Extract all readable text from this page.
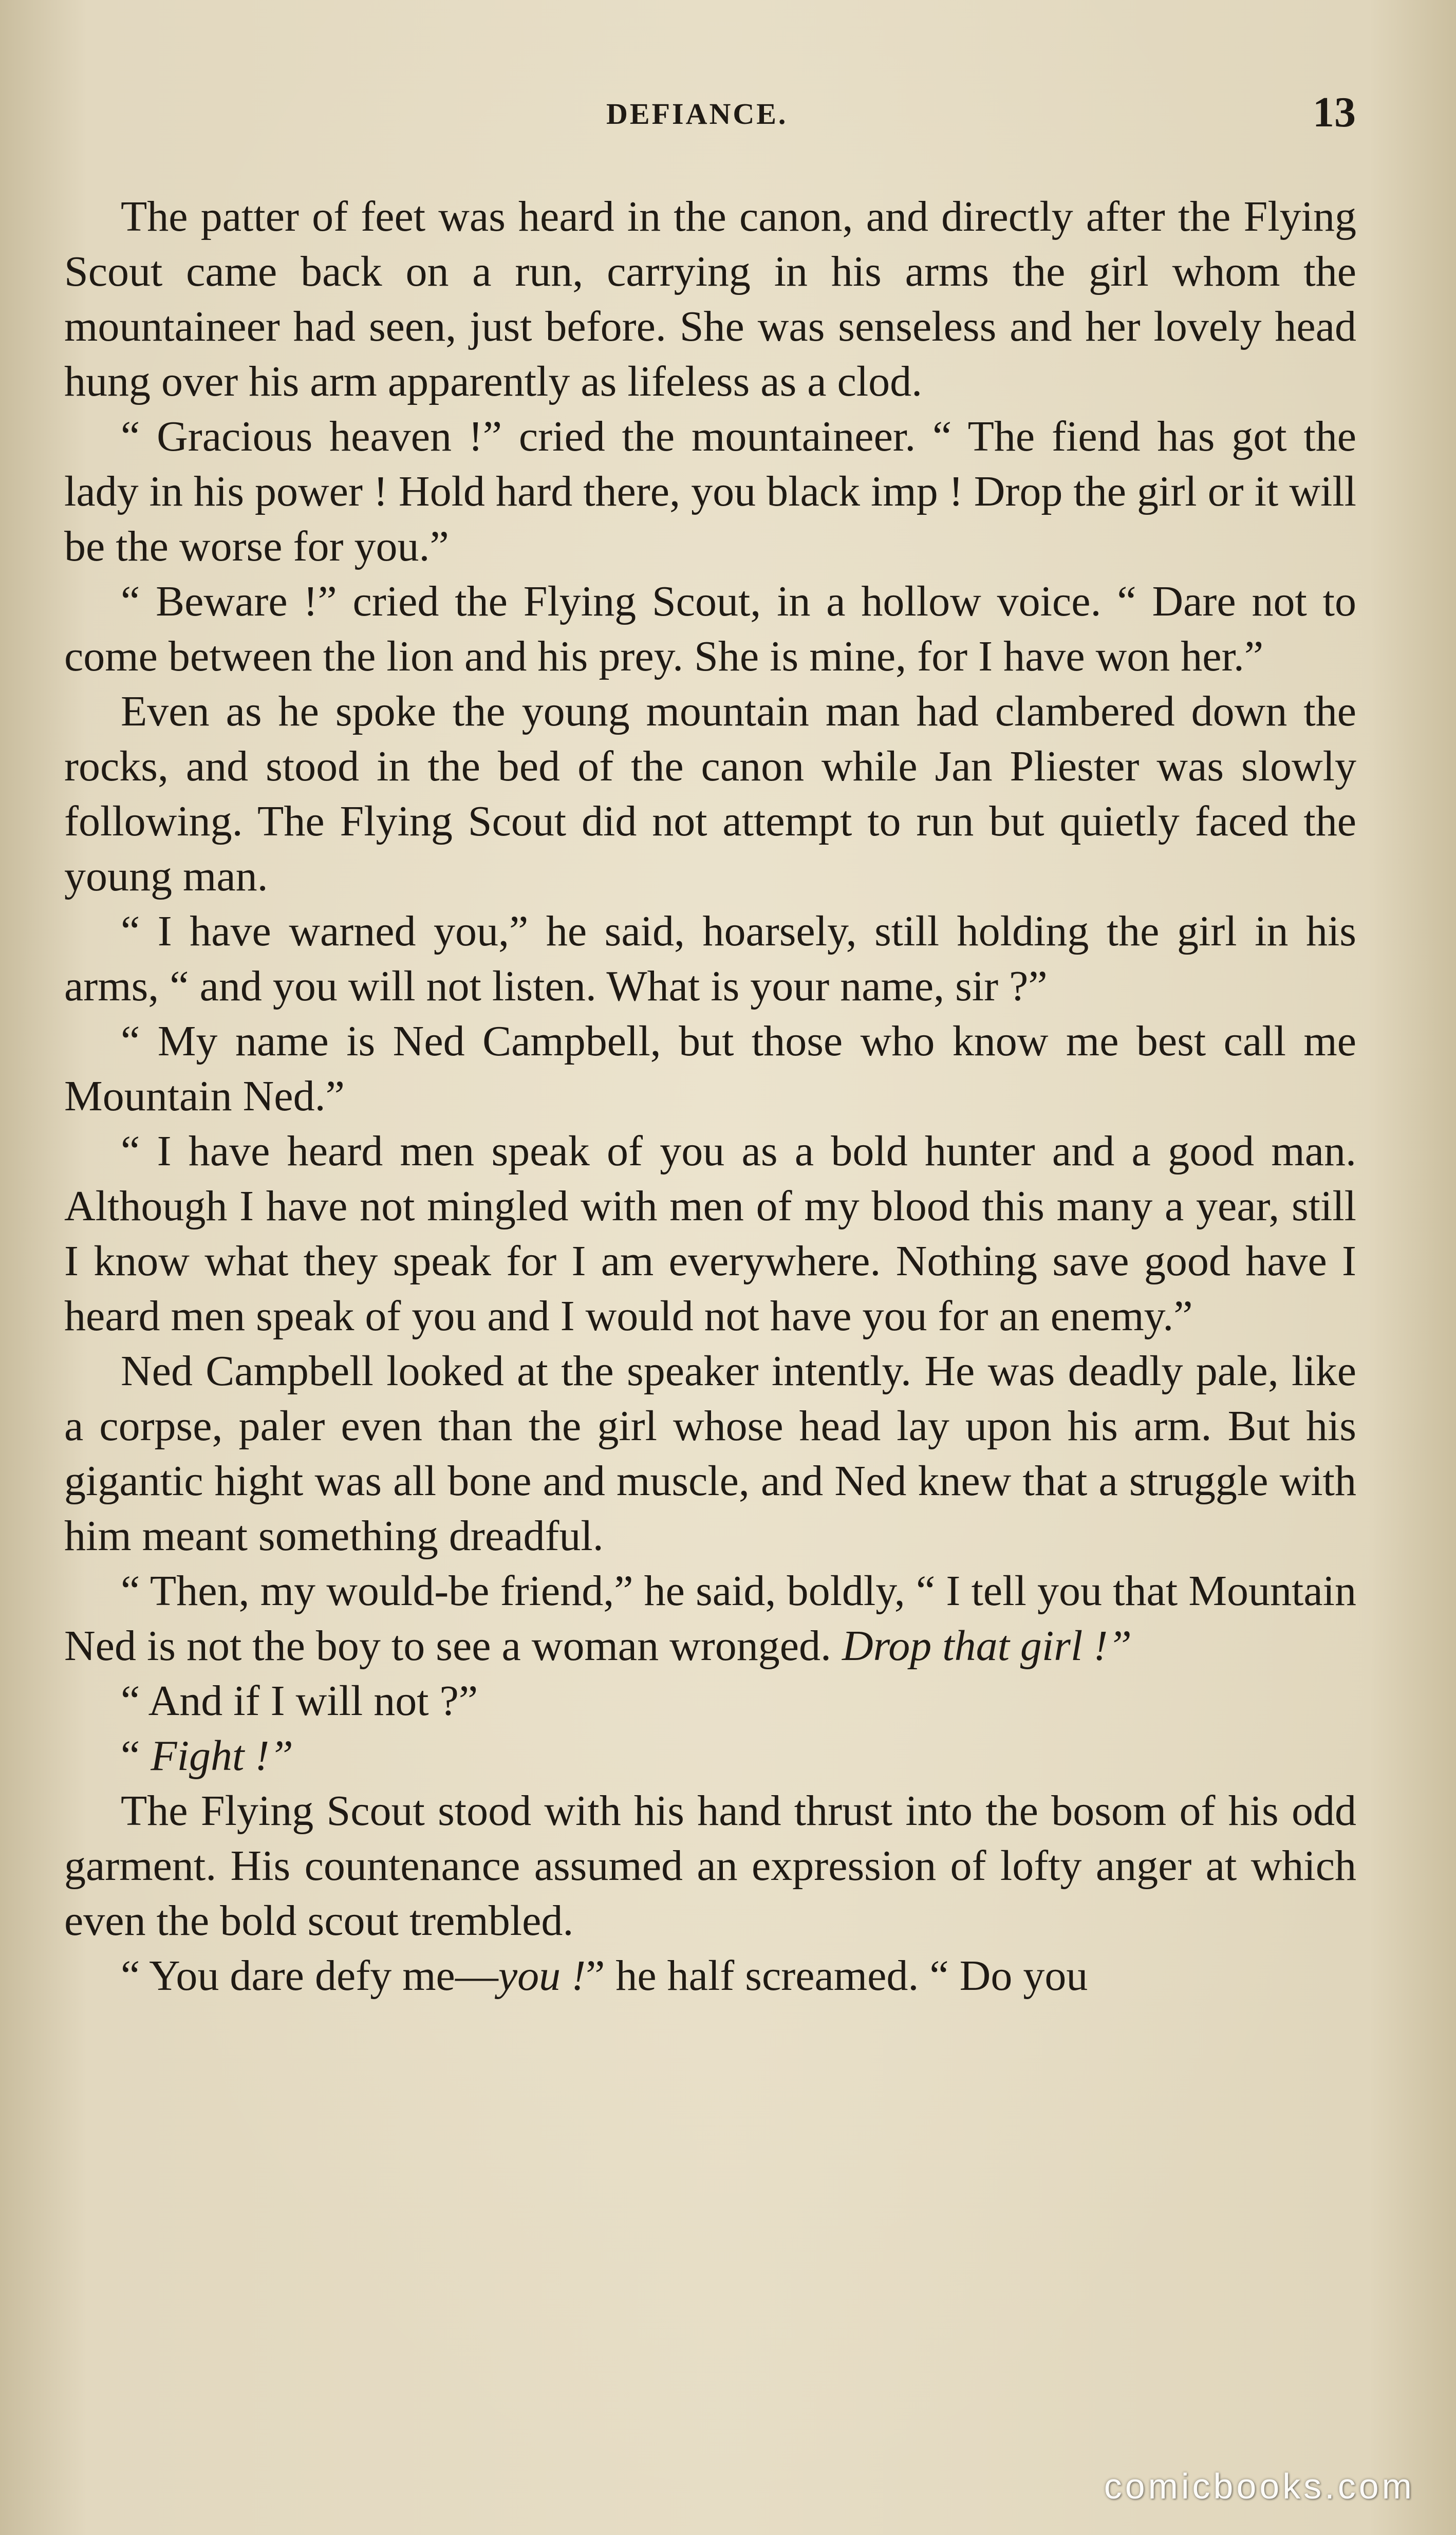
DEFIANCE.	13

The patter of feet was heard in the canon, and directly after the Flying Scout came back on a run, carrying in his arms the girl whom the mountaineer had seen, just before. She was senseless and her lovely head hung over his arm apparently as lifeless as a clod.

“ Gracious heaven !” cried the mountaineer. “ The fiend has got the lady in his power ! Hold hard there, you black imp ! Drop the girl or it will be the worse for you.”

“ Beware !” cried the Flying Scout, in a hollow voice. “ Dare not to come between the lion and his prey. She is mine, for I have won her.”

Even as he spoke the young mountain man had clambered down the rocks, and stood in the bed of the canon while Jan Pliester was slowly following. The Flying Scout did not attempt to run but quietly faced the young man.

“ I have warned you,” he said, hoarsely, still holding the girl in his arms, “ and you will not listen. What is your name, sir ?”

“ My name is Ned Campbell, but those who know me best call me Mountain Ned.”

“ I have heard men speak of you as a bold hunter and a good man. Although I have not mingled with men of my blood this many a year, still I know what they speak for I am everywhere. Nothing save good have I heard men speak of you and I would not have you for an enemy.”

Ned Campbell looked at the speaker intently. He was deadly pale, like a corpse, paler even than the girl whose head lay upon his arm. But his gigantic hight was all bone and muscle, and Ned knew that a struggle with him meant something dreadful.

“ Then, my would-be friend,” he said, boldly, “ I tell you that Mountain Ned is not the boy to see a woman wronged. Drop that girl !”

“ And if I will not ?”

“ Fight !”

The Flying Scout stood with his hand thrust into the bosom of his odd garment. His countenance assumed an expression of lofty anger at which even the bold scout trembled.

“ You dare defy me—you !” he half screamed. “ Do you

comicbooks.com
